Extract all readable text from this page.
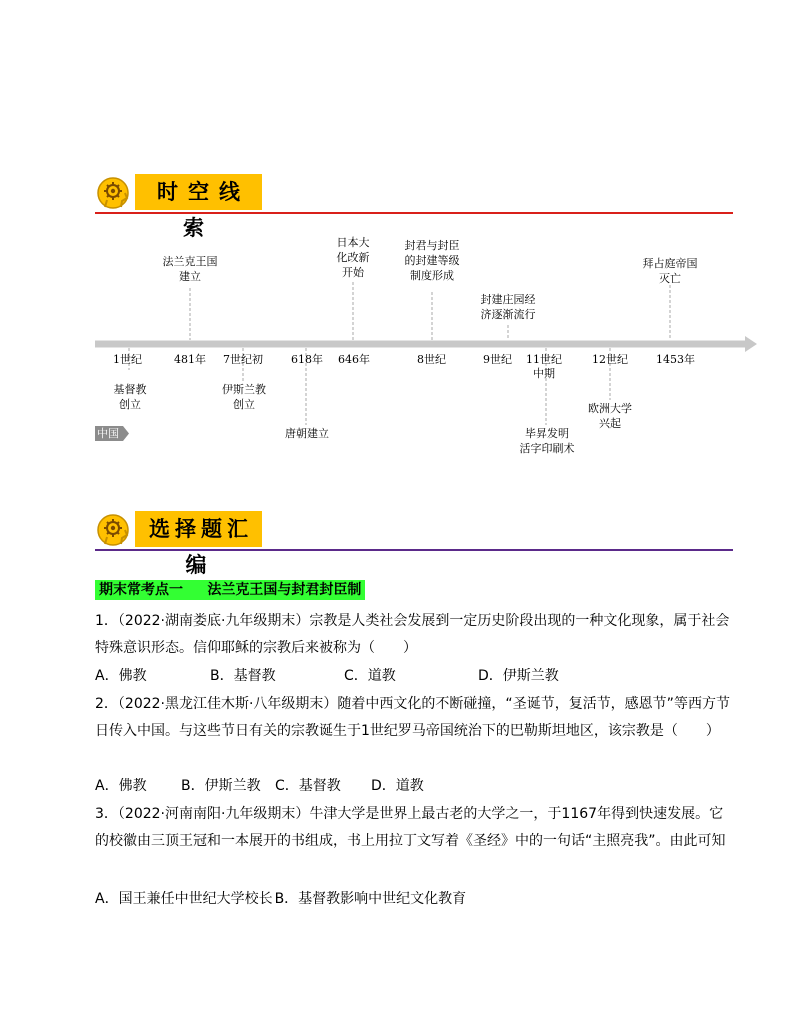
时空线索
法兰克王国
建立
日本大
化改新
开始
封君与封臣
的封建等级
制度形成
封建庄园经
济逐渐流行
拜占庭帝国
灭亡
1世纪	481年 7世纪初	618年 646年	8世纪	9世纪 11世纪
中期
12世纪	1453年
基督教
创立
伊斯兰教
创立
唐朝建立	毕昇发明
活字印刷术
欧洲大学
兴起
中国
选择题汇编
期末常考点一     法兰克王国与封君封臣制
1．（2022·湖南娄底·九年级期末）宗教是人类社会发展到一定历史阶段出现的一种文化现象，属于社会特殊意识形态。信仰耶稣的宗教后来被称为（　　）
A．佛教	B．基督教	C．道教	D．伊斯兰教
2．（2022·黑龙江佳木斯·八年级期末）随着中西文化的不断碰撞，“圣诞节，复活节，感恩节”等西方节日传入中国。与这些节日有关的宗教诞生于1世纪罗马帝国统治下的巴勒斯坦地区，该宗教是（　　）
A．佛教 B．伊斯兰教 C．基督教 D．道教
3．（2022·河南南阳·九年级期末）牛津大学是世界上最古老的大学之一，于1167年得到快速发展。它的校徽由三顶王冠和一本展开的书组成，书上用拉丁文写着《圣经》中的一句话“主照亮我”。由此可知
A．国王兼任中世纪大学校长 B．基督教影响中世纪文化教育
